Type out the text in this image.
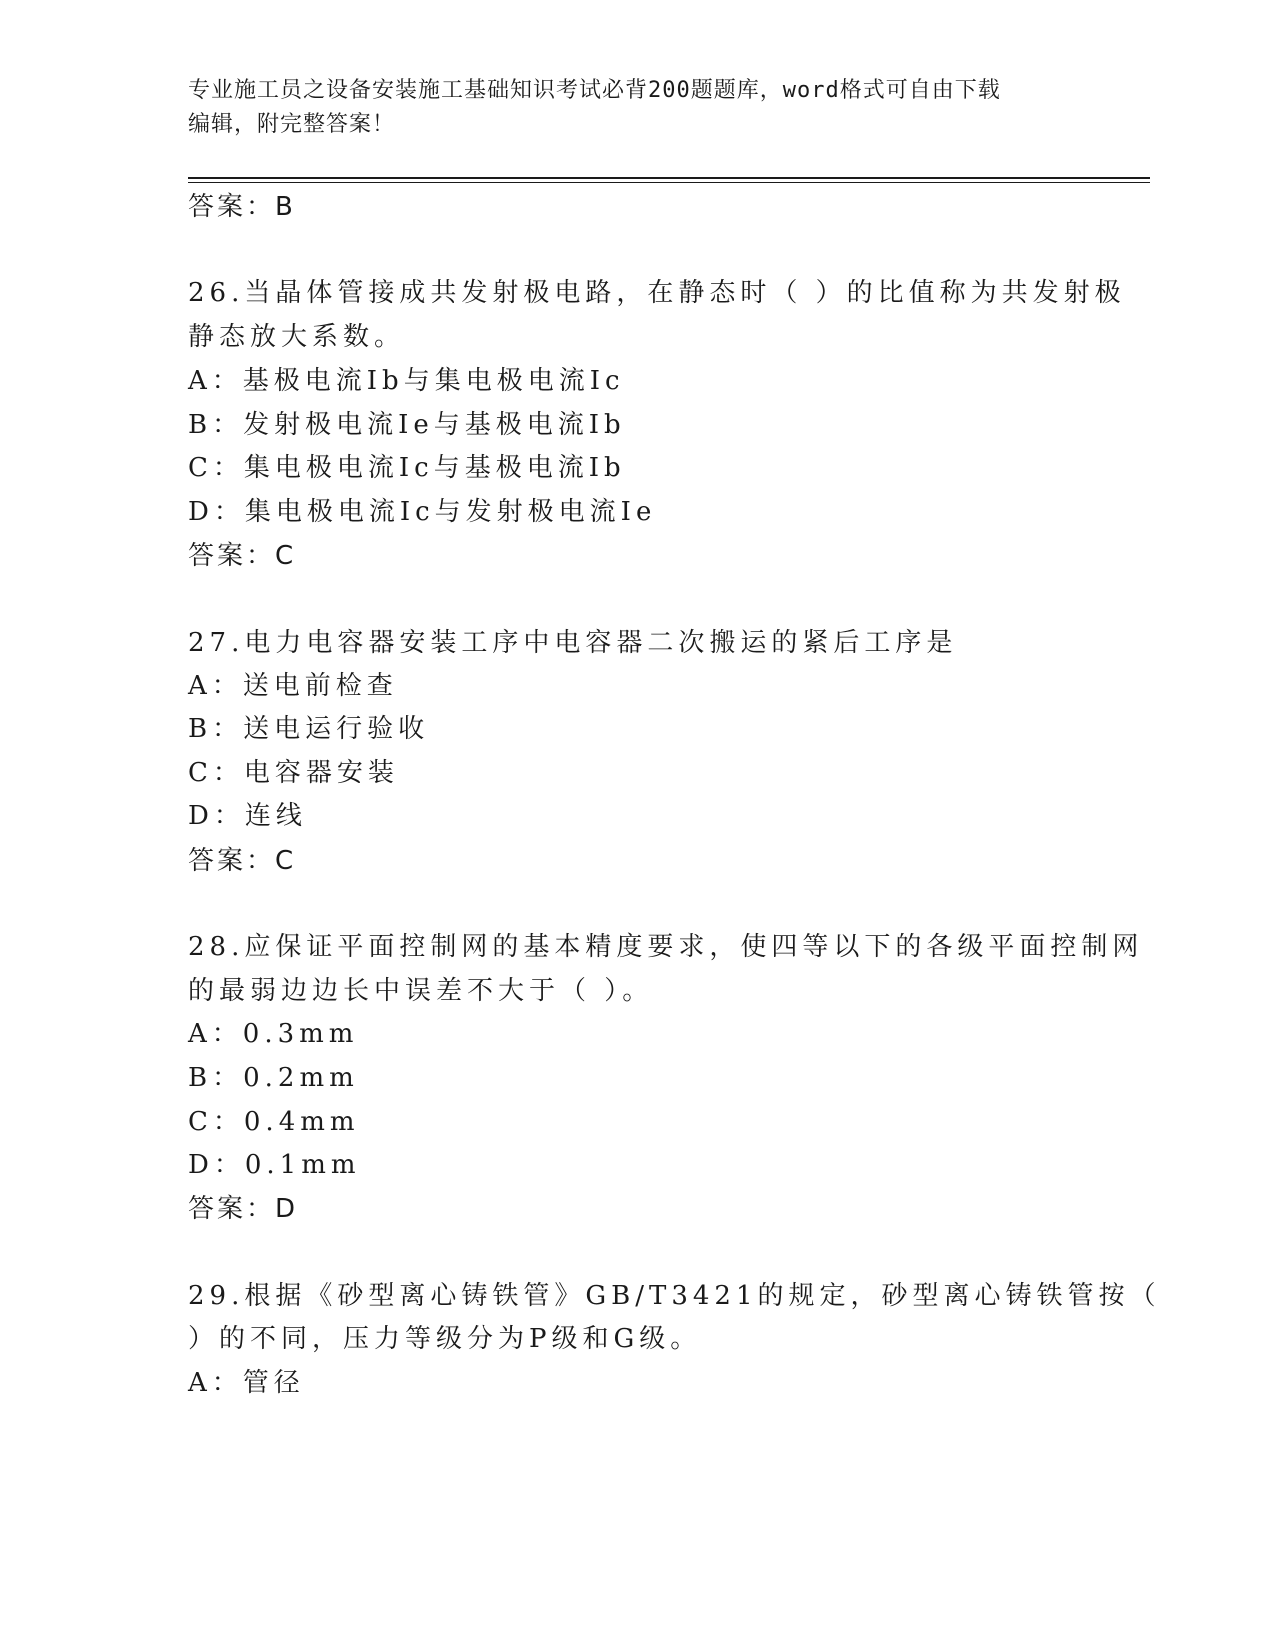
专业施工员之设备安装施工基础知识考试必背200题题库，word格式可自由下载
编辑，附完整答案！
答案：B
26.当晶体管接成共发射极电路，在静态时（ ）的比值称为共发射极
静态放大系数。
A：基极电流Ib与集电极电流Ic
B：发射极电流Ie与基极电流Ib
C：集电极电流Ic与基极电流Ib
D：集电极电流Ic与发射极电流Ie
答案：C
27.电力电容器安装工序中电容器二次搬运的紧后工序是
A：送电前检查
B：送电运行验收
C：电容器安装
D：连线
答案：C
28.应保证平面控制网的基本精度要求，使四等以下的各级平面控制网
的最弱边边长中误差不大于（ ）。
A：0.3mm
B：0.2mm
C：0.4mm
D：0.1mm
答案：D
29.根据《砂型离心铸铁管》GB/T3421的规定，砂型离心铸铁管按（
）的不同，压力等级分为P级和G级。
A：管径
